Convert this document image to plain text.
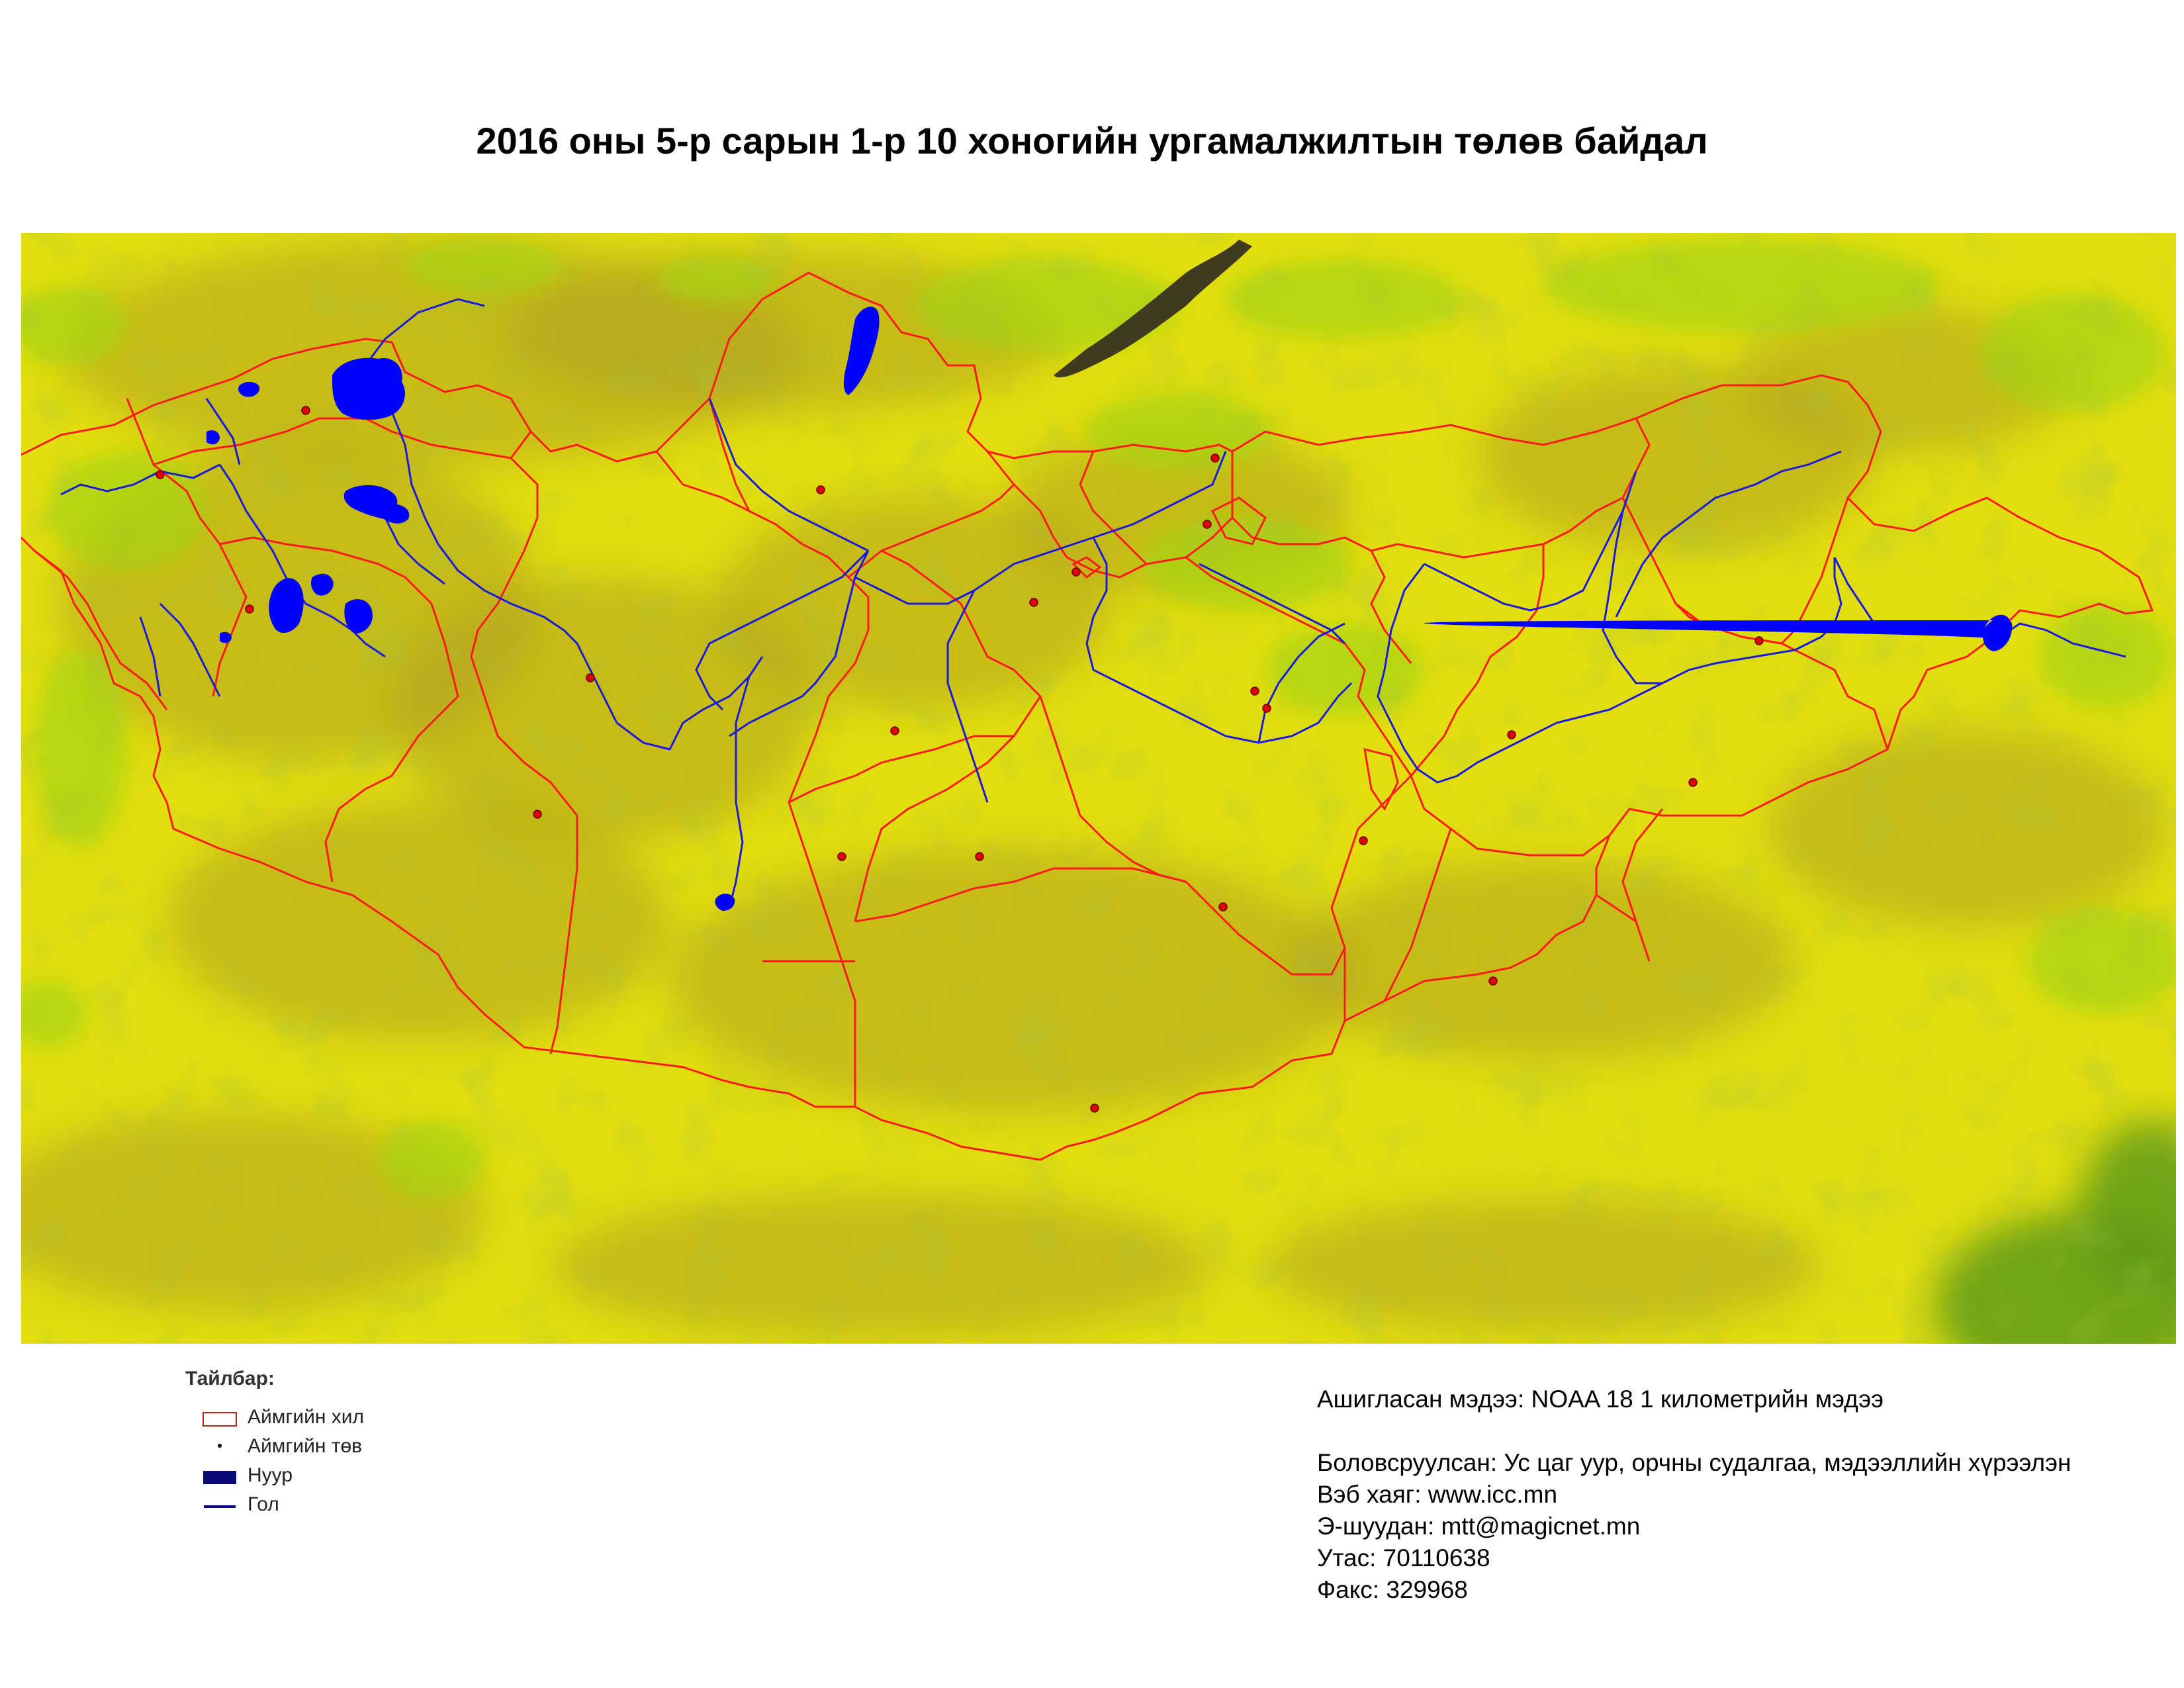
2016 оны 5-р сарын 1-р 10 хоногийн ургамалжилтын төлөв байдал
Тайлбар:
Аймгийн хил
Аймгийн төв
Нуур
Гол
Ашигласан мэдээ: NOAA 18 1 километрийн мэдээ
Боловсруулсан: Ус цаг уур, орчны судалгаа, мэдээллийн хүрээлэн
Вэб хаяг: www.icc.mn
Э-шуудан: mtt@magicnet.mn
Утас: 70110638
Факс: 329968
